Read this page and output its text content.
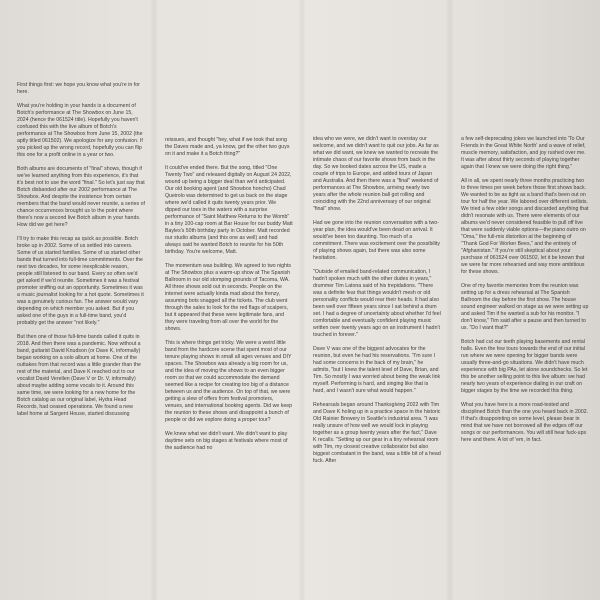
First things first: we hope you know what you're in for here.

What you're holding in your hands is a document of Botch's performance at The Showbox on June 15, 2024 (hence the 061524 title). Hopefully you haven't confused this with the live album of Botch's performance at The Showbox from June 15, 2002 (the aptly titled 061502). We apologize for any confusion. If you picked up the wrong record, hopefully you can flip this one for a profit online in a year or two.

Both albums are documents of "final" shows, though if we've learned anything from this experience, it's that it's best not to use the word "final." So let's just say that Botch disbanded after our 2002 performance at The Showbox. And despite the insistence from certain members that the band would never reunite, a series of chance occurrences brought us to the point where there's now a second live Botch album in your hands. How did we get here?

I'll try to make this recap as quick as possible. Botch broke up in 2002. Some of us settled into careers. Some of us started families. Some of us started other bands that turned into full-time commitments. Over the next two decades, for some inexplicable reason, people still listened to our band. Every so often we'd get asked if we'd reunite. Sometimes it was a festival promoter sniffing out an opportunity. Sometimes it was a music journalist looking for a hot quote. Sometimes it was a genuinely curious fan. The answer would vary depending on which member you asked. But if you asked one of the guys in a full-time band, you'd probably get the answer "not likely."

But then one of those full-time bands called it quits in 2018. And then there was a pandemic. Now without a band, guitarist David Knudson (or Dave K, informally) began working on a solo album at home. One of the outtakes from that record was a little grander than the rest of the material, and Dave K reached out to our vocalist David Verellen (Dave V or Dr. V, informally) about maybe adding some vocals to it. Around this same time, we were looking for a new home for the Botch catalog as our original label, Hydra Head Records, had ceased operations. We found a new label home at Sargent House, started discussing

reissues, and thought "hey, what if we took that song the Daves made and, ya know, get the other two guys on it and make it a Botch thing?"

It could've ended there. But the song, titled "One Twenty Two" and released digitally on August 24 2022, wound up being a bigger deal than we'd anticipated. Our old booking agent (and Showbox honcho) Chad Queirolo was determined to get us back on the stage where we'd called it quits twenty years prior. We dipped our toes in the waters with a surprise performance of "Saint Matthew Returns to the Womb" in a tiny 100-cap room at Bar House for our buddy Matt Bayles's 50th birthday party in October. Matt recorded our studio albums (and this one as well) and had always said he wanted Botch to reunite for his 50th birthday. You're welcome, Matt.

The momentum was building. We agreed to two nights at The Showbox plus a warm-up show at The Spanish Ballroom in our old stomping grounds of Tacoma, WA. All three shows sold out in seconds. People on the internet were actually kinda mad about the frenzy, assuming bots snagged all the tickets. The club went through the sales to look for the red flags of scalpers, but it appeared that these were legitimate fans, and they were traveling from all over the world for the shows.

This is where things get tricky. We were a weird little band from the hardcore scene that spent most of our tenure playing shows in small all ages venues and DIY spaces. The Showbox was already a big room for us, and the idea of moving the shows to an even bigger room so that we could accommodate the demand seemed like a recipe for creating too big of a distance between us and the audience. On top of that, we were getting a slew of offers from festival promoters, venues, and international booking agents. Did we keep the reunion to these shows and disappoint a bunch of people or did we explore doing a proper tour?

We knew what we didn't want. We didn't want to play daytime sets on big stages at festivals where most of the audience had no

idea who we were, we didn't want to overstay our welcome, and we didn't want to quit our jobs. As far as what we did want, we knew we wanted to recreate the intimate chaos of our favorite shows from back in the day. So we booked dates across the US, made a couple of trips to Europe, and added tours of Japan and Australia. And then there was a "final" weekend of performances at The Showbox, arriving nearly two years after the whole reunion ball got rolling and coinciding with the 22nd anniversary of our original "final" show.

Had we gone into the reunion conversation with a two-year plan, the idea would've been dead on arrival. It would've been too daunting. Too much of a commitment. There was excitement over the possibility of playing shows again, but there was also some hesitation.

"Outside of emailed band-related communication, I hadn't spoken much with the other dudes in years," drummer Tim Latona said of his trepidations. "There was a definite fear that things wouldn't mesh or old personality conflicts would rear their heads. It had also been well over fifteen years since I sat behind a drum set. I had a degree of uncertainty about whether I'd feel comfortable and eventually confident playing music written over twenty years ago on an instrument I hadn't touched in forever."

Dave V was one of the biggest advocates for the reunion, but even he had his reservations. "I'm sure I had some concerns in the back of my brain," he admits, "but I knew the talent level of Dave, Brian, and Tim. So mostly I was worried about being the weak link myself. Performing is hard, and singing like that is hard, and I wasn't sure what would happen."

Rehearsals began around Thanksgiving 2022 with Tim and Dave K holing up in a practice space in the historic Old Rainier Brewery in Seattle's industrial area. "I was really unsure of how well we would lock in playing together as a group twenty years after the fact," Dave K recalls. "Setting up our gear in a tiny rehearsal room with Tim, my closest creative collaborator but also biggest combatant in the band, was a little bit of a head fuck. After

a few self-deprecating jokes we launched into 'To Our Friends in the Great White North' and a wave of relief, muscle memory, satisfaction, and joy rushed over me. It was after about thirty seconds of playing together again that I knew we were doing the right thing."

All in all, we spent nearly three months practicing two to three times per week before those first shows back. We wanted to be as tight as a band that's been out on tour for half the year. We labored over different setlists. We tried a few older songs and discarded anything that didn't resonate with us. There were elements of our albums we'd never considered feasible to pull off live that were suddenly viable options—the piano outro on "Oma," the full-mix distortion at the beginning of "Thank God For Worker Bees," and the entirety of "Afghanistan." If you're still skeptical about your purchase of 061524 over 061502, let it be known that we were far more rehearsed and way more ambitious for these shows.

One of my favorite memories from the reunion was setting up for a dress rehearsal at The Spanish Ballroom the day before the first show. The house sound engineer walked on stage as we were setting up and asked Tim if he wanted a sub for his monitor. "I don't know," Tim said after a pause and then turned to us. "Do I want that?"

Botch had cut our teeth playing basements and rental halls. Even the few tours towards the end of our initial run where we were opening for bigger bands were usually three-and-go situations. We didn't have much experience with big PAs, let alone soundchecks. So let this be another selling point to this live album: we had nearly two years of experience dialing in our craft on bigger stages by the time we recorded this thing.

What you have here is a more road-tested and disciplined Botch than the one you heard back in 2002. If that's disappointing on some level, please bear in mind that we have not borrowed all the edges off our songs or our performances. You will still hear fuck-ups here and there. A lot of 'em, in fact.
